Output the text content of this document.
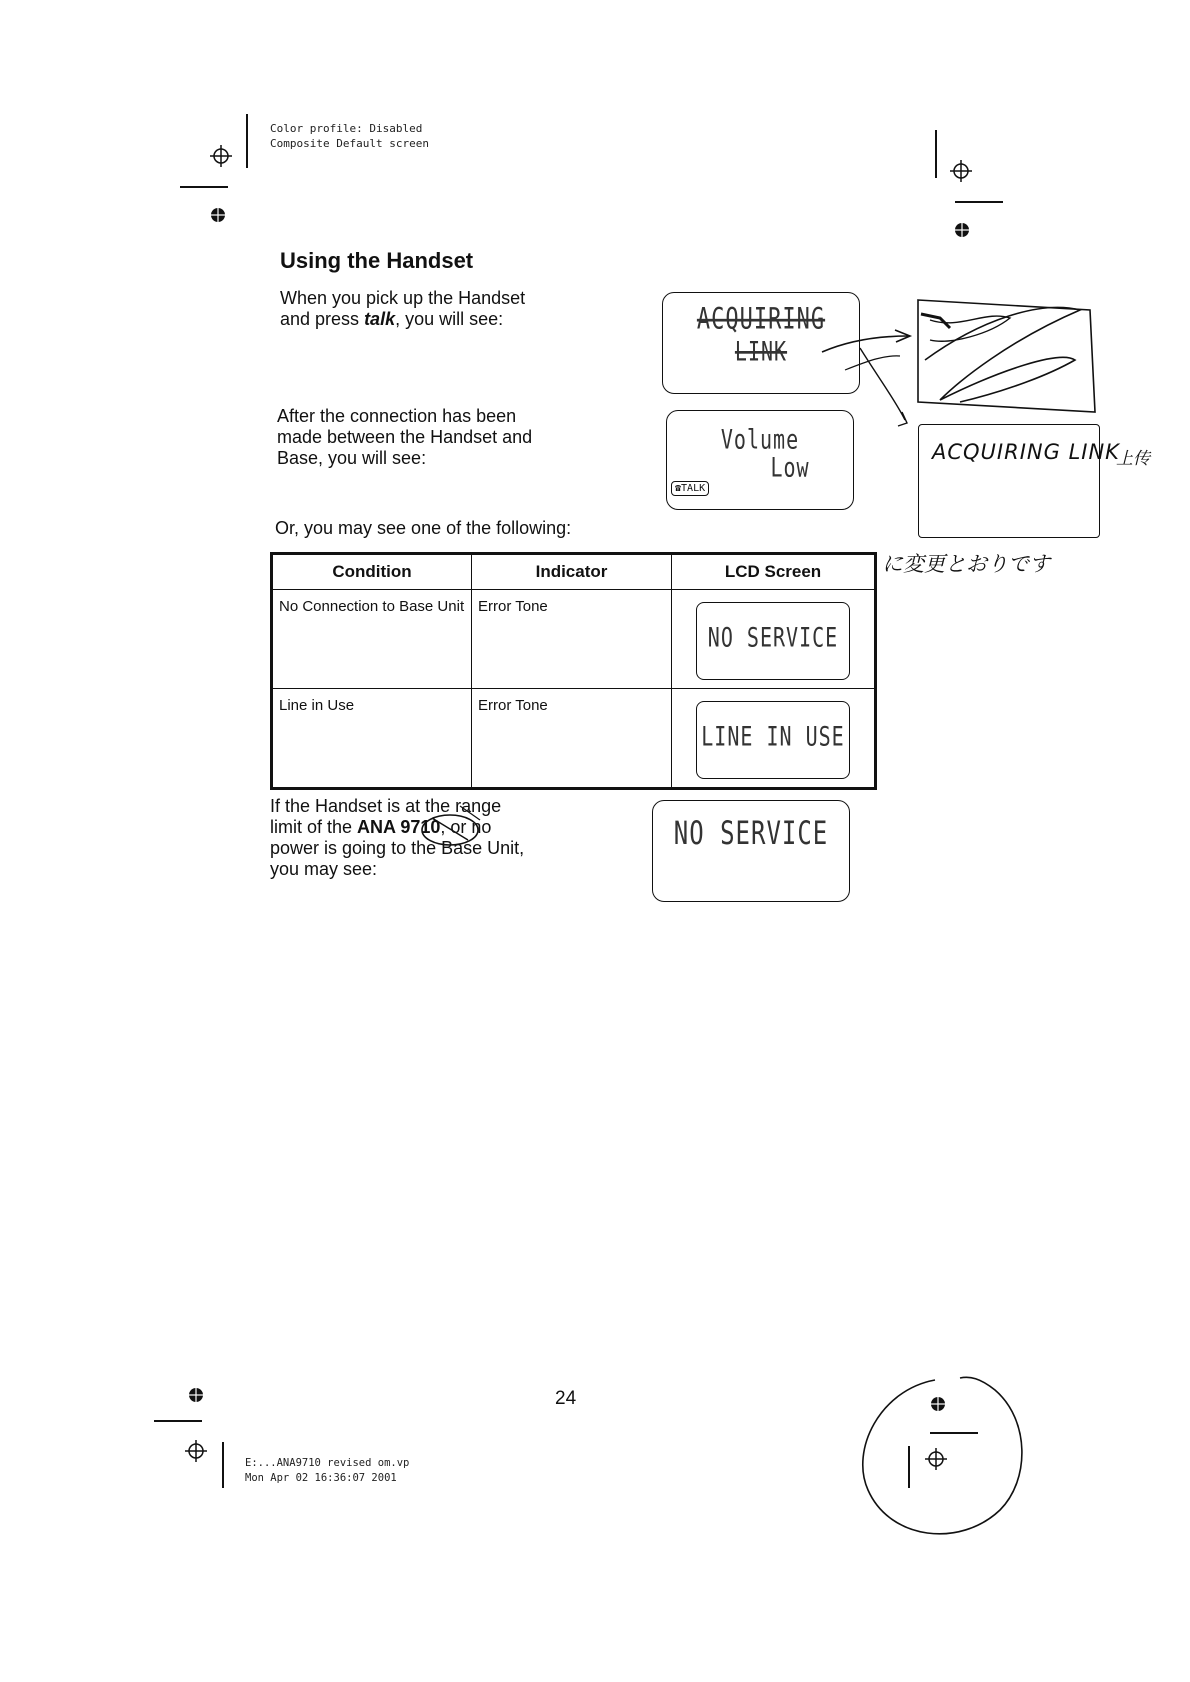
Color profile: Disabled
Composite Default screen
Using the Handset

When you pick up the Handset
and press talk, you will see:	ACQUIRING
LINK

After the connection has been
made between the Handset and
Base, you will see:

Volume
Low
☎TALK

Or, you may see one of the following:

Condition	Indicator	LCD Screen
No Connection to Base Unit	Error Tone	NO SERVICE

Line in Use	Error Tone	LINE IN USE

If the Handset is at the range
limit of the ANA 9710, or no
power is going to the Base Unit,
you may see:

NO SERVICE
ACQUIRING LINK
上传
に変更とおりです
24
E:...ANA9710 revised om.vp
Mon Apr 02 16:36:07 2001
